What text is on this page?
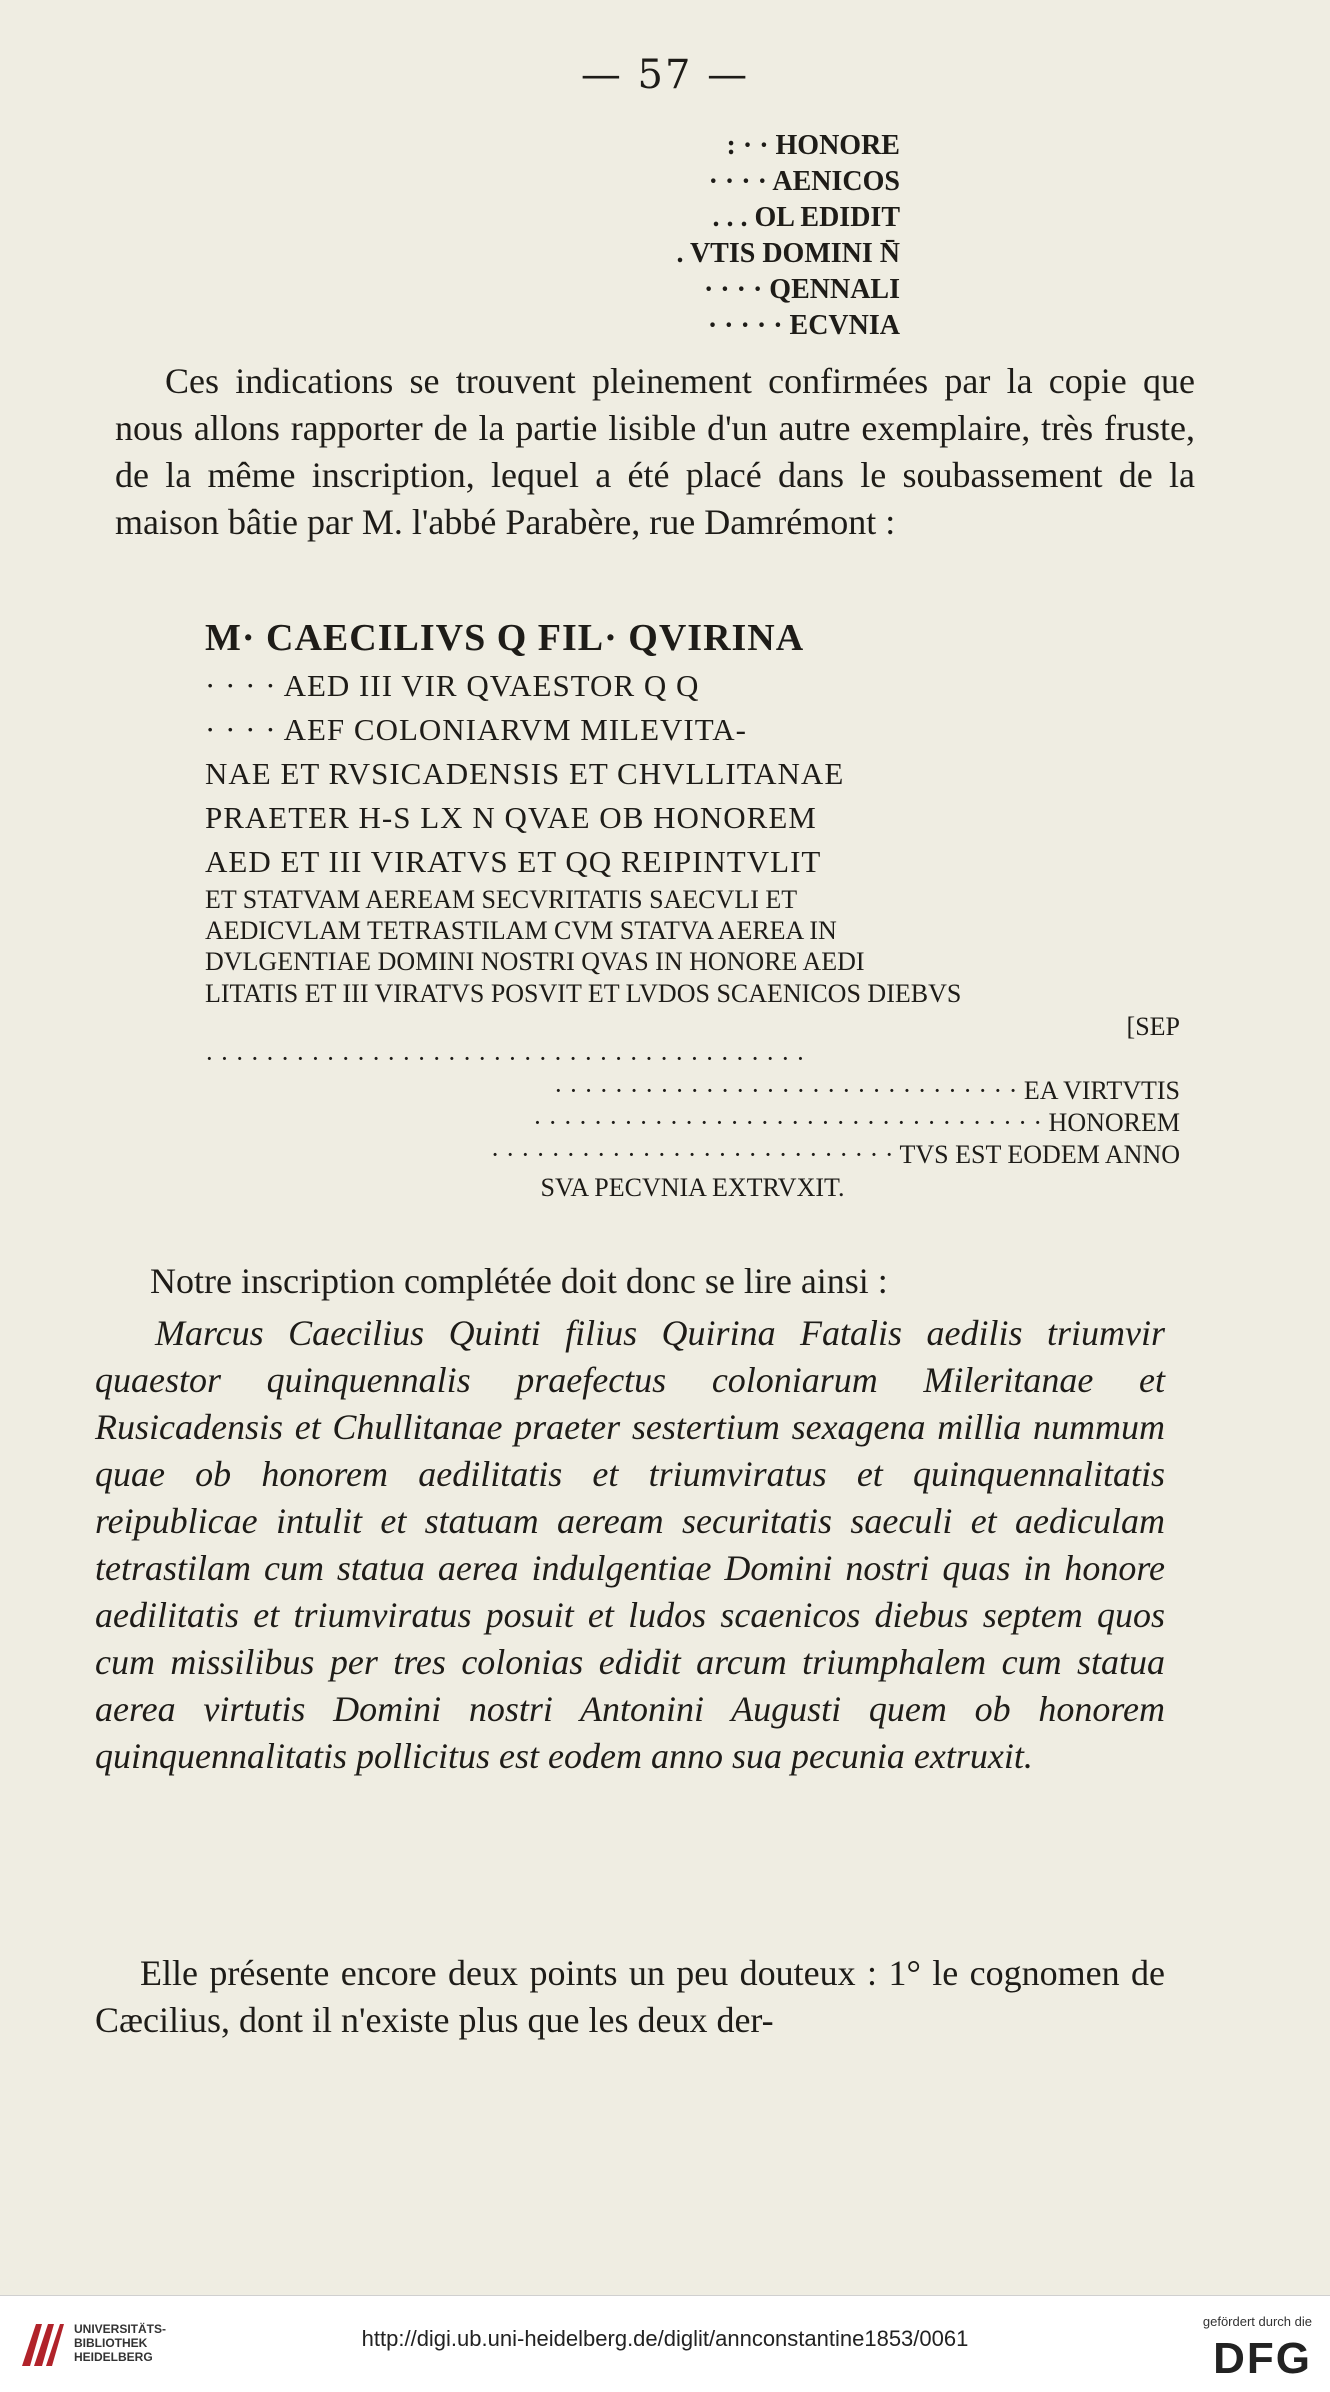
— 57 —
: · · HONORE
· · · · AENICOS
. . . OL EDIDIT
. VTIS DOMINI N̄
· · · · QENNALI
· · · · · ECVNIA
Ces indications se trouvent pleinement confirmées par la copie que nous allons rapporter de la partie lisible d'un autre exemplaire, très fruste, de la même inscription, lequel a été placé dans le soubassement de la maison bâtie par M. l'abbé Parabère, rue Damrémont :
M· CAECILIVS Q FIL· QVIRINA
· · · · AED III VIR QVAESTOR Q Q
· · · · AEF COLONIARVM MILEVITA-
NAE ET RVSICADENSIS ET CHVLLITANAE
PRAETER H-S LX N QVAE OB HONOREM
AED ET III VIRATVS ET QQ REIPINTVLIT
ET STATVAM AEREAM SECVRITATIS SAECVLI ET
AEDICVLAM TETRASTILAM CVM STATVA AEREA IN
DVLGENTIAE DOMINI NOSTRI QVAS IN HONORE AEDI
LITATIS ET III VIRATVS POSVIT ET LVDOS SCAENICOS DIEBVS
[SEP
· · · · · · · · · · · · · · · · · · · · · · · · · · · · · · · · · · · · · · · ·
· · · · · · · · · · · · · · · · · · · · · · · · · · · · · · · EA VIRTVTIS
· · · · · · · · · · · · · · · · · · · · · · · · · · · · · · · · · · HONOREM
· · · · · · · · · · · · · · · · · · · · · · · · · · · TVS EST EODEM ANNO
SVA PECVNIA EXTRVXIT.
Notre inscription complétée doit donc se lire ainsi :
Marcus Caecilius Quinti filius Quirina Fatalis aedilis triumvir quaestor quinquennalis praefectus coloniarum Mileritanae et Rusicadensis et Chullitanae praeter sestertium sexagena millia nummum quae ob honorem aedilitatis et triumviratus et quinquennalitatis reipublicae intulit et statuam aeream securitatis saeculi et aediculam tetrastilam cum statua aerea indulgentiae Domini nostri quas in honore aedilitatis et triumviratus posuit et ludos scaenicos diebus septem quos cum missilibus per tres colonias edidit arcum triumphalem cum statua aerea virtutis Domini nostri Antonini Augusti quem ob honorem quinquennalitatis pollicitus est eodem anno sua pecunia extruxit.
Elle présente encore deux points un peu douteux : 1° le cognomen de Cæcilius, dont il n'existe plus que les deux der-
UNIVERSITÄTS-
BIBLIOTHEK
HEIDELBERG
http://digi.ub.uni-heidelberg.de/diglit/annconstantine1853/0061
gefördert durch die
DFG
